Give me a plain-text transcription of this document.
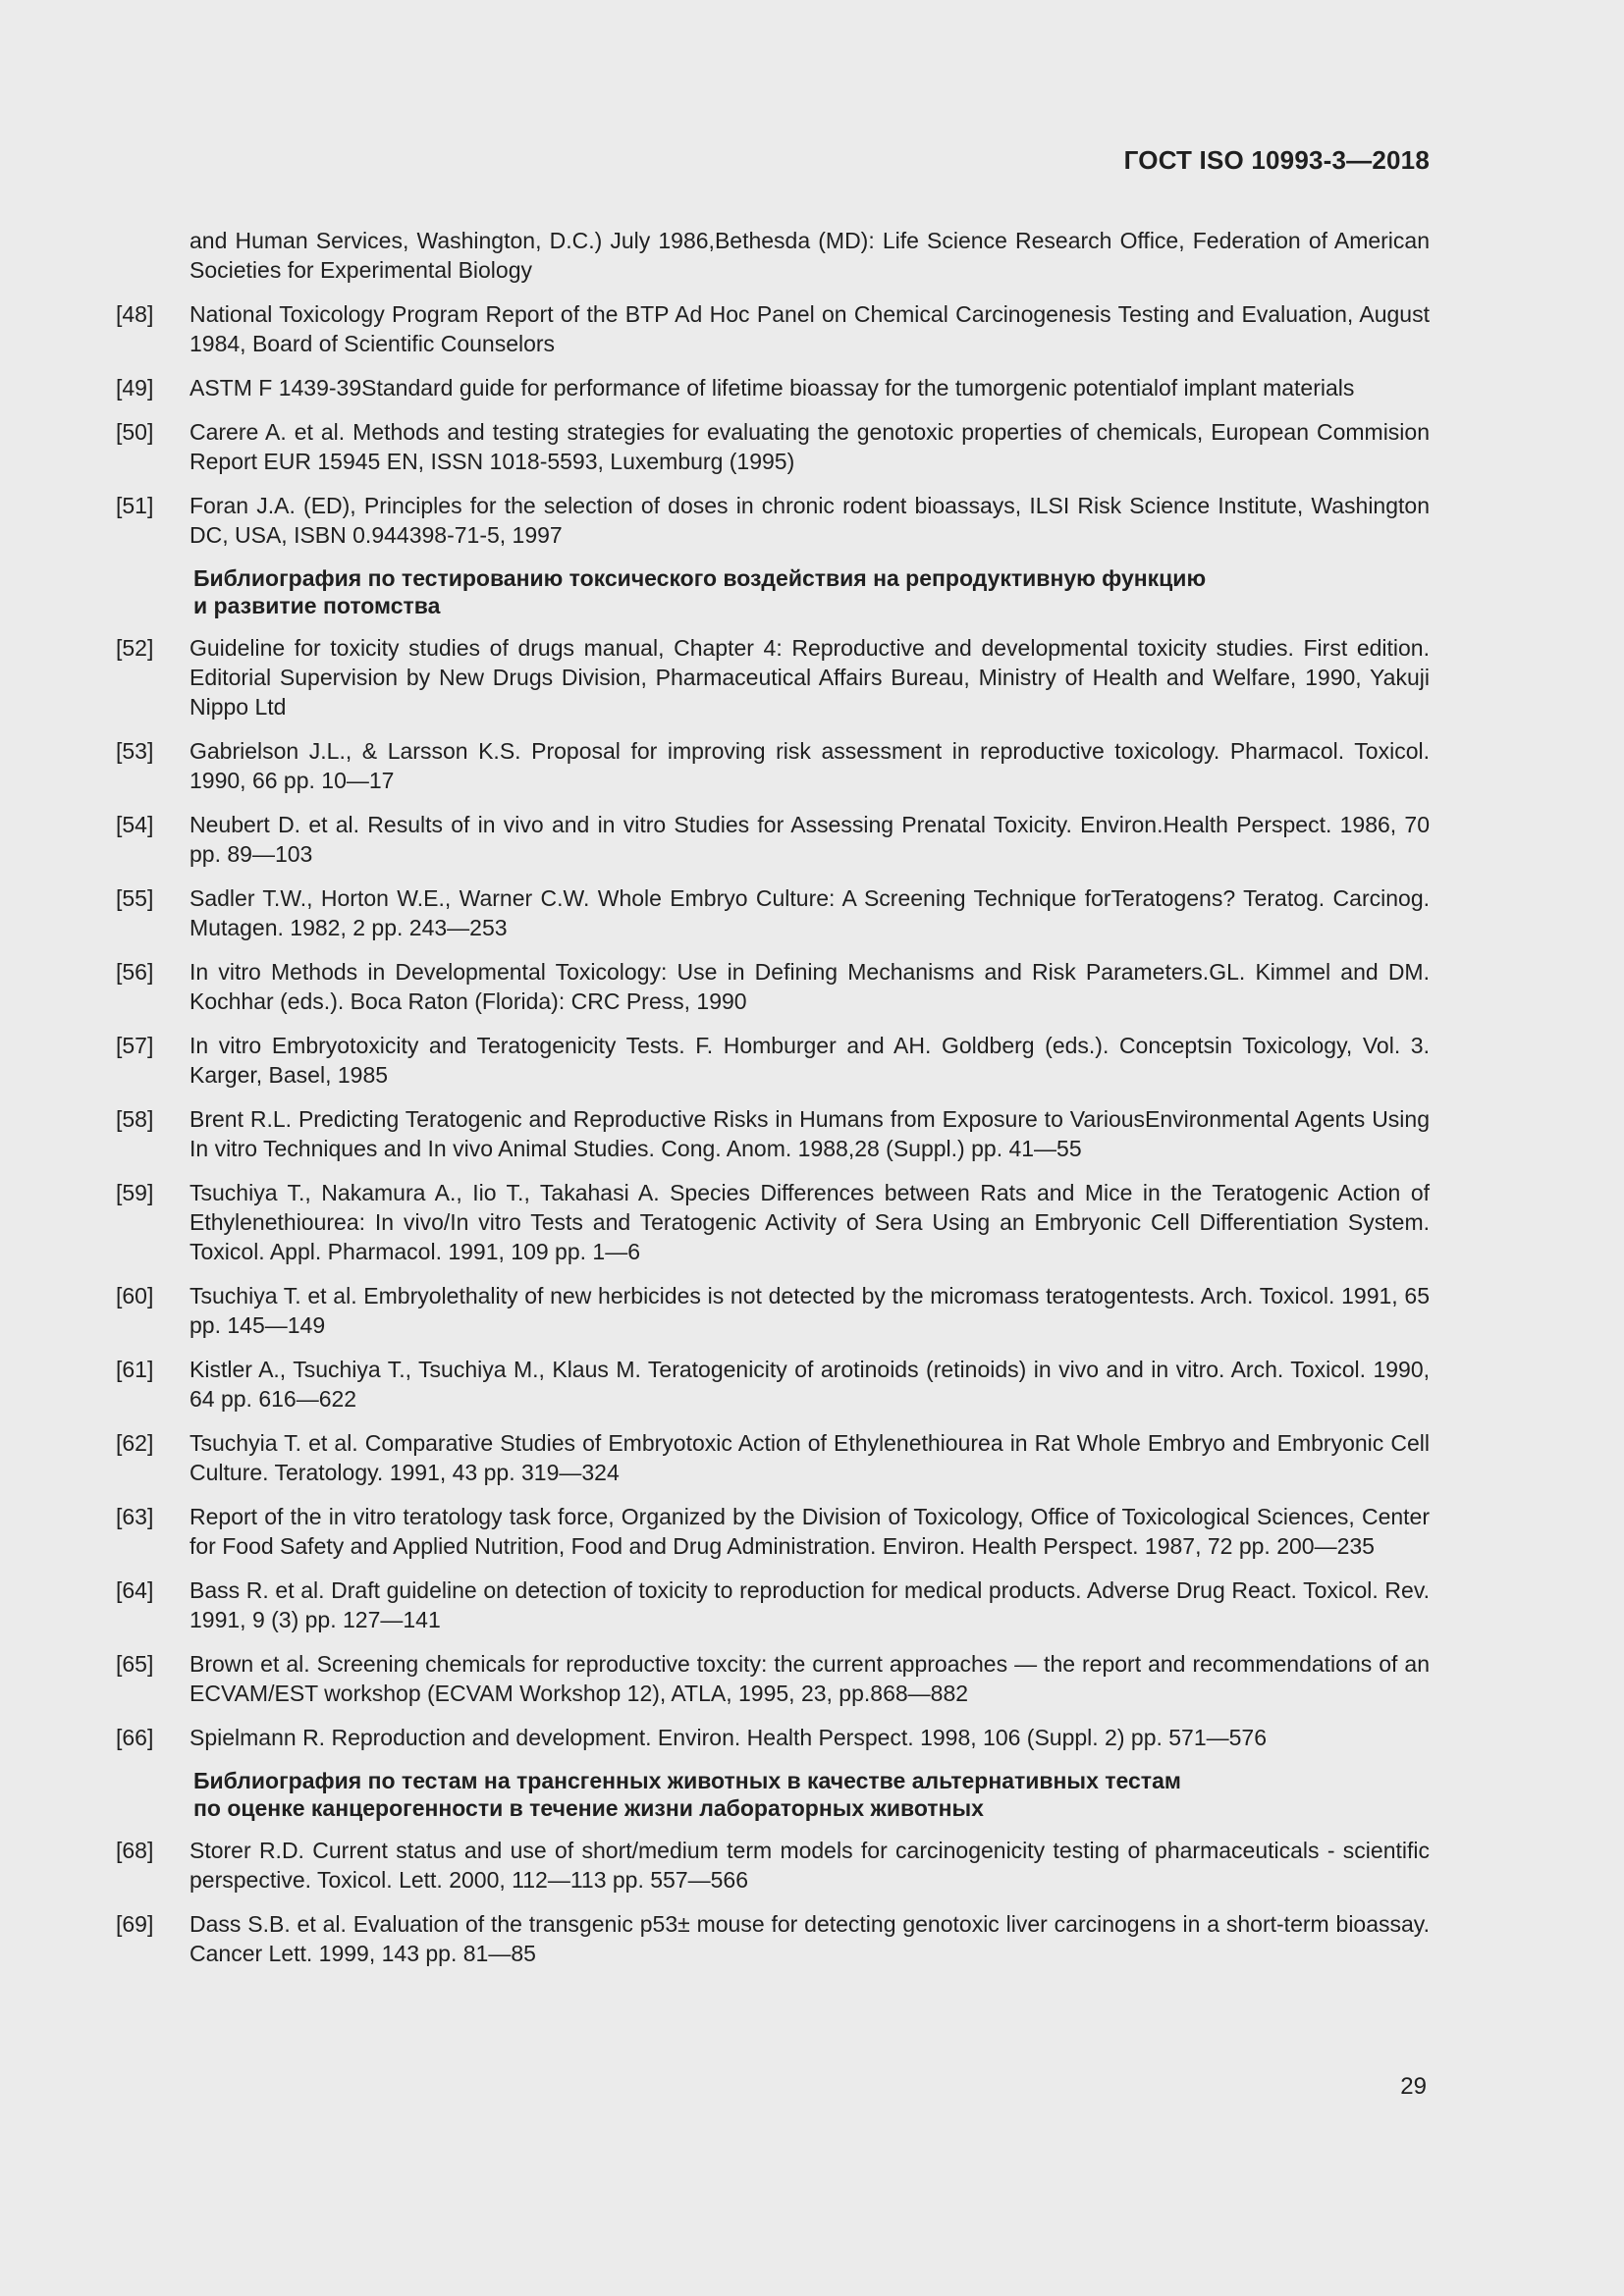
ГОСТ ISO 10993-3—2018
and Human Services, Washington, D.C.) July 1986,Bethesda (MD): Life Science Research Office, Federation of American Societies for Experimental Biology
[48]	National Toxicology Program Report of the BTP Ad Hoc Panel on Chemical Carcinogenesis Testing and Evaluation, August 1984, Board of Scientific Counselors
[49]	ASTM F 1439-39Standard guide for performance of lifetime bioassay for the tumorgenic potentialof implant materials
[50]	Carere A. et al. Methods and testing strategies for evaluating the genotoxic properties of chemicals, European Commision Report EUR 15945 EN, ISSN 1018-5593, Luxemburg (1995)
[51]	Foran J.A. (ED), Principles for the selection of doses in chronic rodent bioassays, ILSI Risk Science Institute, Washington DC, USA, ISBN 0.944398-71-5, 1997
Библиография по тестированию токсического воздействия на репродуктивную функцию
и развитие потомства
[52]	Guideline for toxicity studies of drugs manual, Chapter 4: Reproductive and developmental toxicity studies. First edition. Editorial Supervision by New Drugs Division, Pharmaceutical Affairs Bureau, Ministry of Health and Welfare, 1990, Yakuji Nippo Ltd
[53]	Gabrielson J.L., & Larsson K.S. Proposal for improving risk assessment in reproductive toxicology. Pharmacol. Toxicol. 1990, 66 pp. 10—17
[54]	Neubert D. et al. Results of in vivo and in vitro Studies for Assessing Prenatal Toxicity. Environ.Health Perspect. 1986, 70 pp. 89—103
[55]	Sadler T.W., Horton W.E., Warner C.W. Whole Embryo Culture: A Screening Technique forTeratogens? Teratog. Carcinog. Mutagen. 1982, 2 pp. 243—253
[56]	In vitro Methods in Developmental Toxicology: Use in Defining Mechanisms and Risk Parameters.GL. Kimmel and DM. Kochhar (eds.). Boca Raton (Florida): CRC Press, 1990
[57]	In vitro Embryotoxicity and Teratogenicity Tests. F. Homburger and AH. Goldberg (eds.). Conceptsin Toxicology, Vol. 3. Karger, Basel, 1985
[58]	Brent R.L. Predicting Teratogenic and Reproductive Risks in Humans from Exposure to VariousEnvironmental Agents Using In vitro Techniques and In vivo Animal Studies. Cong. Anom. 1988,28 (Suppl.) pp. 41—55
[59]	Tsuchiya T., Nakamura A., Iio T., Takahasi A. Species Differences between Rats and Mice in the Teratogenic Action of Ethylenethiourea: In vivo/In vitro Tests and Teratogenic Activity of Sera Using an Embryonic Cell Differentiation System. Toxicol. Appl. Pharmacol. 1991, 109 pp. 1—6
[60]	Tsuchiya T. et al. Embryolethality of new herbicides is not detected by the micromass teratogentests. Arch. Toxicol. 1991, 65 pp. 145—149
[61]	Kistler A., Tsuchiya T., Tsuchiya M., Klaus M. Teratogenicity of arotinoids (retinoids) in vivo and in vitro. Arch. Toxicol. 1990, 64 pp. 616—622
[62]	Tsuchyia T. et al. Comparative Studies of Embryotoxic Action of Ethylenethiourea in Rat Whole Embryo and Embryonic Cell Culture. Teratology. 1991, 43 pp. 319—324
[63]	Report of the in vitro teratology task force, Organized by the Division of Toxicology, Office of Toxicological Sciences, Center for Food Safety and Applied Nutrition, Food and Drug Administration. Environ. Health Perspect. 1987, 72 pp. 200—235
[64]	Bass R. et al. Draft guideline on detection of toxicity to reproduction for medical products. Adverse Drug React. Toxicol. Rev. 1991, 9 (3) pp. 127—141
[65]	Brown et al. Screening chemicals for reproductive toxcity: the current approaches — the report and recommendations of an ECVAM/EST workshop (ECVAM Workshop 12), ATLA, 1995, 23, pp.868—882
[66]	Spielmann R. Reproduction and development. Environ. Health Perspect. 1998, 106 (Suppl. 2) pp. 571—576
Библиография по тестам на трансгенных животных в качестве альтернативных тестам
по оценке канцерогенности в течение жизни лабораторных животных
[68]	Storer R.D. Current status and use of short/medium term models for carcinogenicity testing of pharmaceuticals - scientific perspective. Toxicol. Lett. 2000, 112—113 pp. 557—566
[69]	Dass S.B. et al. Evaluation of the transgenic p53± mouse for detecting genotoxic liver carcinogens in a short-term bioassay. Cancer Lett. 1999, 143 pp. 81—85
29
